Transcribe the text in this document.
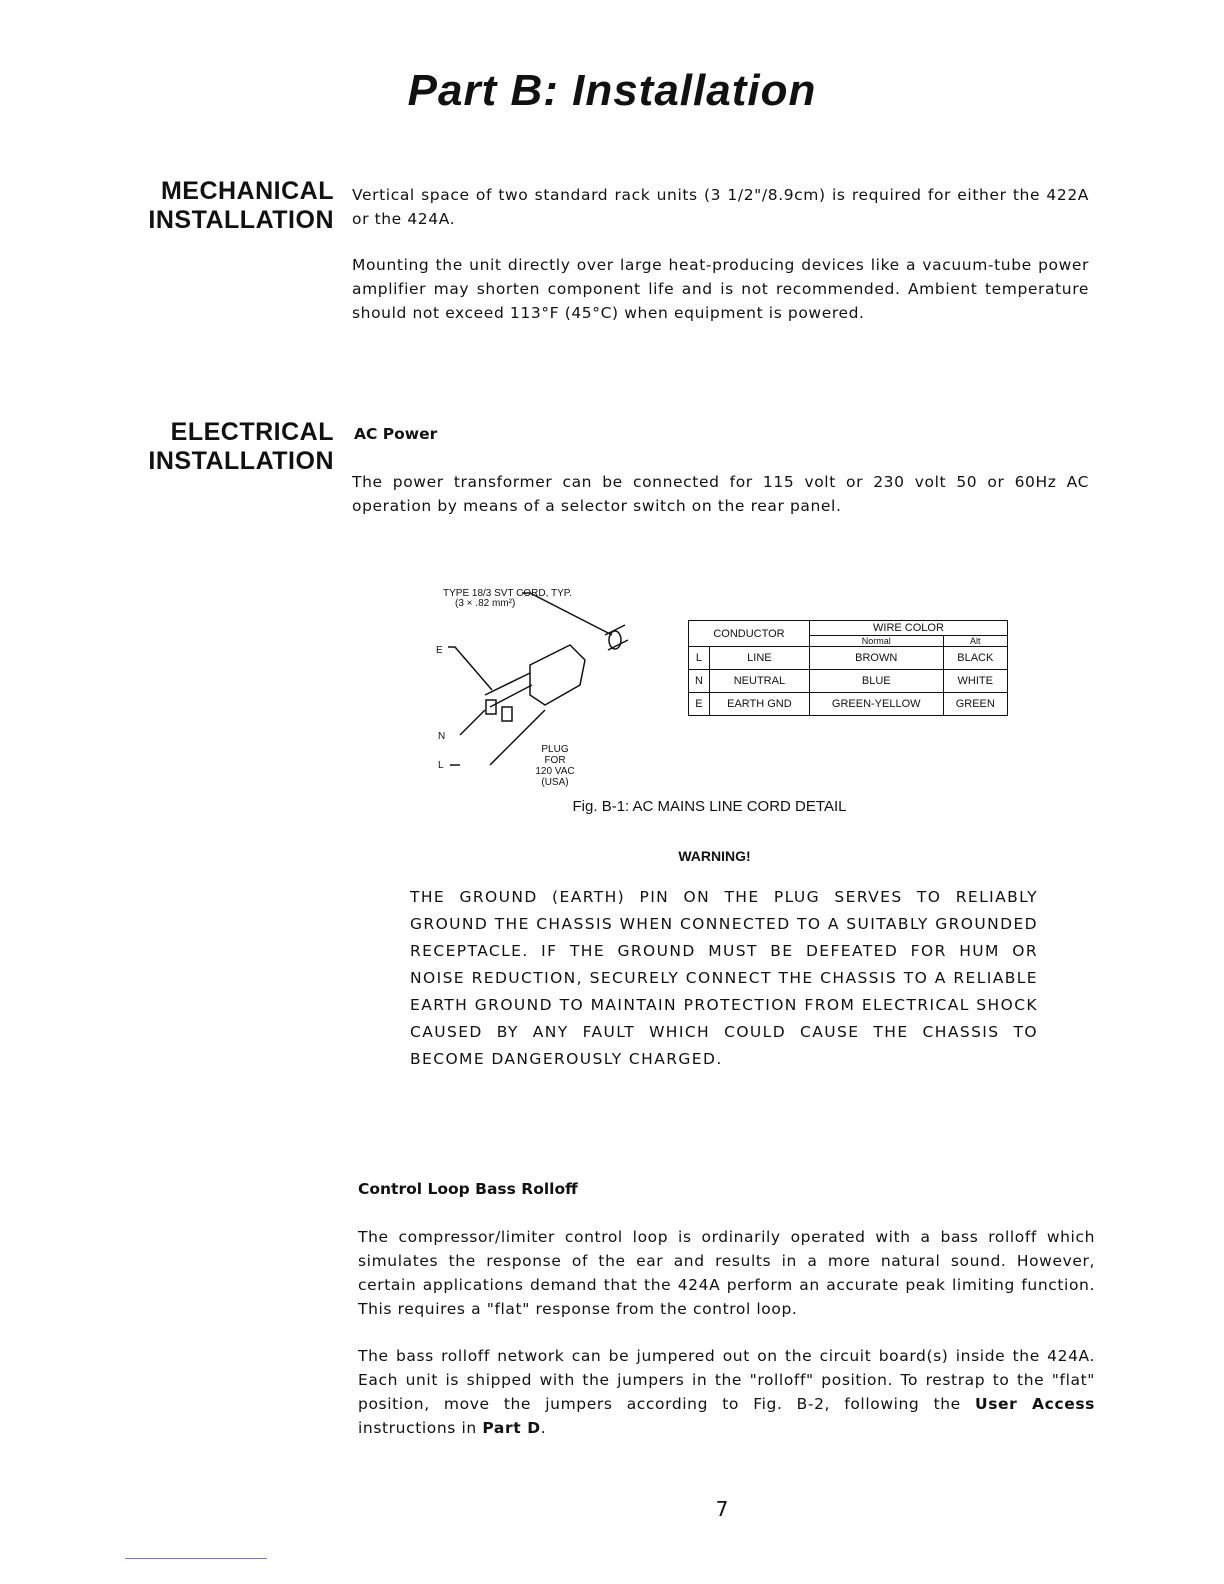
Part B: Installation
MECHANICAL
INSTALLATION
Vertical space of two standard rack units (3 1/2"/8.9cm) is required for either the 422A or the 424A.
Mounting the unit directly over large heat-producing devices like a vacuum-tube power amplifier may shorten component life and is not recommended. Ambient temperature should not exceed 113°F (45°C) when equipment is powered.
ELECTRICAL
INSTALLATION
AC Power
The power transformer can be connected for 115 volt or 230 volt 50 or 60Hz AC operation by means of a selector switch on the rear panel.
TYPE 18/3 SVT CORD, TYP.
(3 × .82 mm²)
E
N
L
PLUG FOR
120 VAC
(USA)
CONDUCTOR		WIRE COLOR	
		Normal	Alt
L	LINE	BROWN	BLACK
N	NEUTRAL	BLUE	WHITE
E	EARTH GND	GREEN-YELLOW	GREEN
Fig. B-1: AC MAINS LINE CORD DETAIL
WARNING!
THE GROUND (EARTH) PIN ON THE PLUG SERVES TO RELIABLY GROUND THE CHASSIS WHEN CONNECTED TO A SUITABLY GROUNDED RECEPTACLE. IF THE GROUND MUST BE DEFEATED FOR HUM OR NOISE REDUCTION, SECURELY CONNECT THE CHASSIS TO A RELIABLE EARTH GROUND TO MAINTAIN PROTECTION FROM ELECTRICAL SHOCK CAUSED BY ANY FAULT WHICH COULD CAUSE THE CHASSIS TO BECOME DANGEROUSLY CHARGED.
Control Loop Bass Rolloff
The compressor/limiter control loop is ordinarily operated with a bass rolloff which simulates the response of the ear and results in a more natural sound. However, certain applications demand that the 424A perform an accurate peak limiting function. This requires a "flat" response from the control loop.
The bass rolloff network can be jumpered out on the circuit board(s) inside the 424A. Each unit is shipped with the jumpers in the "rolloff" position. To restrap to the "flat" position, move the jumpers according to Fig. B-2, following the User Access instructions in Part D.
7
